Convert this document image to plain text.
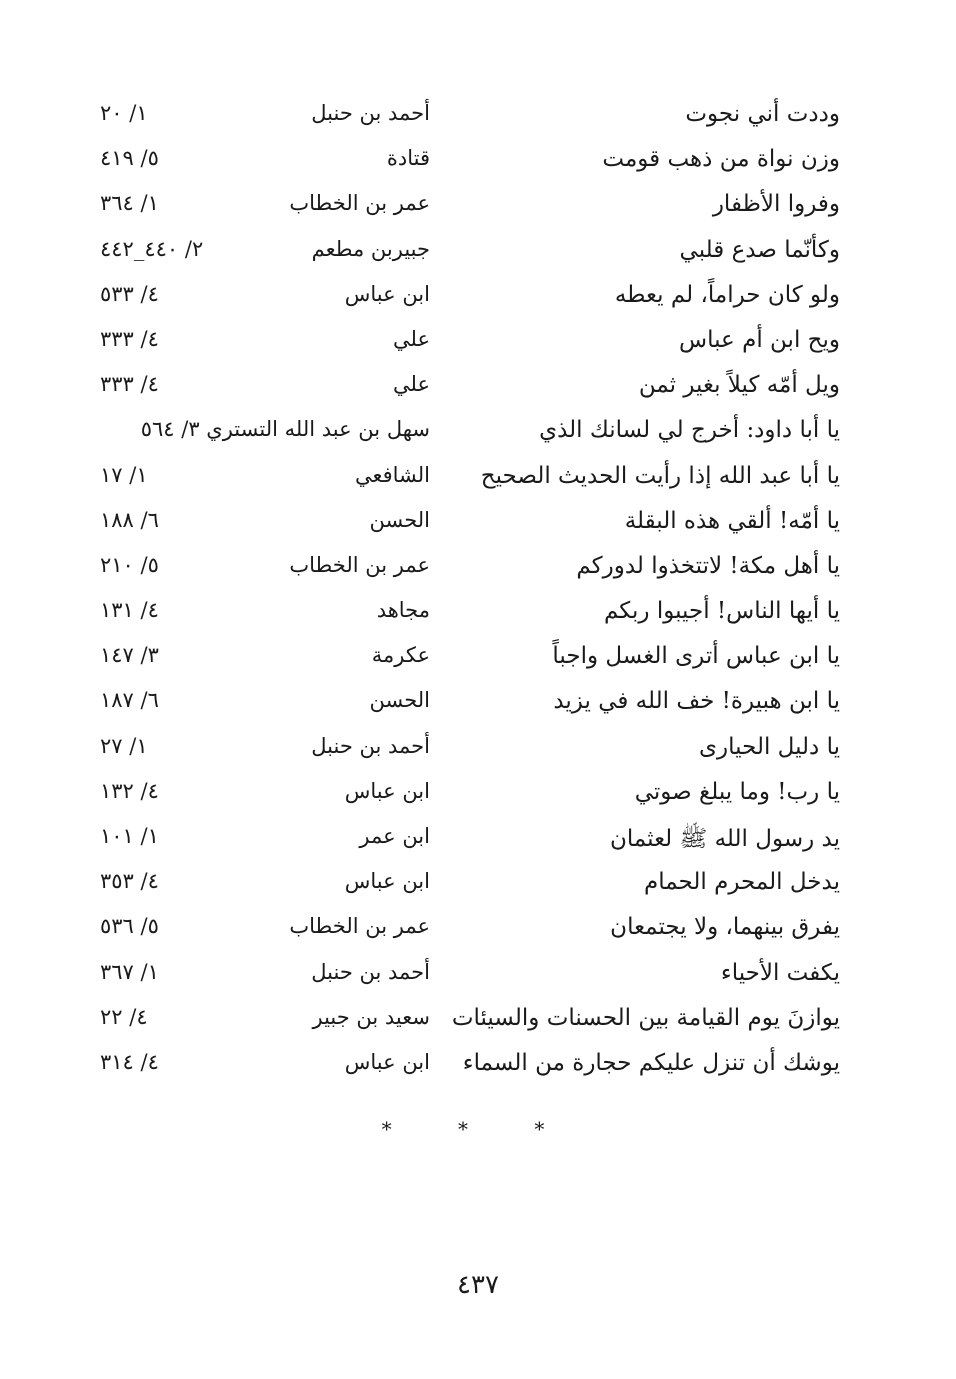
وددت أني نجوت
أحمد بن حنبل
١/ ٢٠
وزن نواة من ذهب قومت
قتادة
٥/ ٤١٩
وفروا الأظفار
عمر بن الخطاب
١/ ٣٦٤
وكأنّما صدع قلبي
جبيربن مطعم
٢/ ٤٤٠_٤٤٢
ولو كان حراماً، لم يعطه
ابن عباس
٤/ ٥٣٣
ويح ابن أم عباس
علي
٤/ ٣٣٣
ويل أمّه كيلاً بغير ثمن
علي
٤/ ٣٣٣
يا أبا داود: أخرج لي لسانك الذي
سهل بن عبد الله التستري ٣/ ٥٦٤
يا أبا عبد الله إذا رأيت الحديث الصحيح
الشافعي
١/ ١٧
يا أمّه! ألقي هذه البقلة
الحسن
٦/ ١٨٨
يا أهل مكة! لاتتخذوا لدوركم
عمر بن الخطاب
٥/ ٢١٠
يا أيها الناس! أجيبوا ربكم
مجاهد
٤/ ١٣١
يا ابن عباس أترى الغسل واجباً
عكرمة
٣/ ١٤٧
يا ابن هبيرة! خف الله في يزيد
الحسن
٦/ ١٨٧
يا دليل الحيارى
أحمد بن حنبل
١/ ٢٧
يا رب! وما يبلغ صوتي
ابن عباس
٤/ ١٣٢
يد رسول الله ﷺ لعثمان
ابن عمر
١/ ١٠١
يدخل المحرم الحمام
ابن عباس
٤/ ٣٥٣
يفرق بينهما، ولا يجتمعان
عمر بن الخطاب
٥/ ٥٣٦
يكفت الأحياء
أحمد بن حنبل
١/ ٣٦٧
يوازنَ يوم القيامة بين الحسنات والسيئات
سعيد بن جبير
٤/ ٢٢
يوشك أن تنزل عليكم حجارة من السماء
ابن عباس
٤/ ٣١٤
* * *
٤٣٧
